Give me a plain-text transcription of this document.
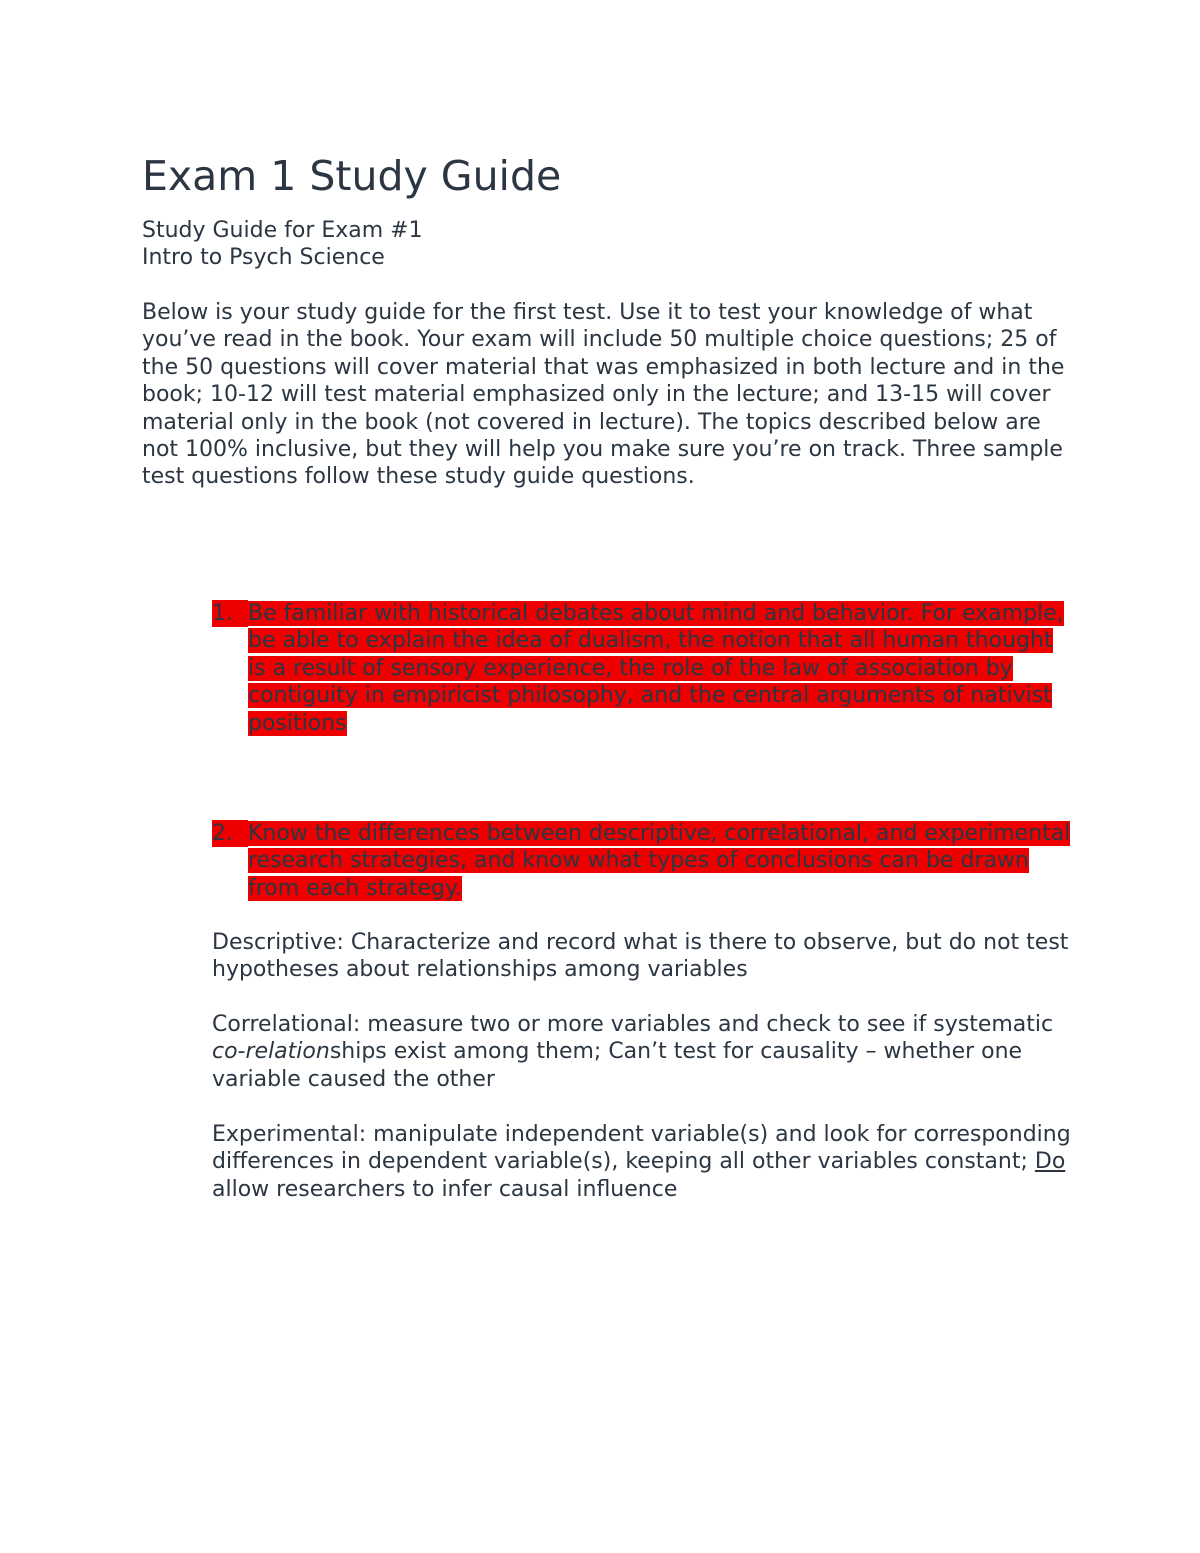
Exam 1 Study Guide
Study Guide for Exam #1
Intro to Psych Science

Below is your study guide for the first test. Use it to test your knowledge of what you’ve read in the book. Your exam will include 50 multiple choice questions; 25 of the 50 questions will cover material that was emphasized in both lecture and in the book; 10-12 will test material emphasized only in the lecture; and 13-15 will cover material only in the book (not covered in lecture). The topics described below are not 100% inclusive, but they will help you make sure you’re on track. Three sample test questions follow these study guide questions.

1. Be familiar with historical debates about mind and behavior. For example, be able to explain the idea of dualism, the notion that all human thought is a result of sensory experience, the role of the law of association by contiguity in empiricist philosophy, and the central arguments of nativist positions
2. Know the differences between descriptive, correlational, and experimental research strategies, and know what types of conclusions can be drawn from each strategy.

Descriptive: Characterize and record what is there to observe, but do not test hypotheses about relationships among variables

Correlational: measure two or more variables and check to see if systematic co-relationships exist among them; Can’t test for causality – whether one variable caused the other

Experimental: manipulate independent variable(s) and look for corresponding differences in dependent variable(s), keeping all other variables constant; Do allow researchers to infer causal influence
